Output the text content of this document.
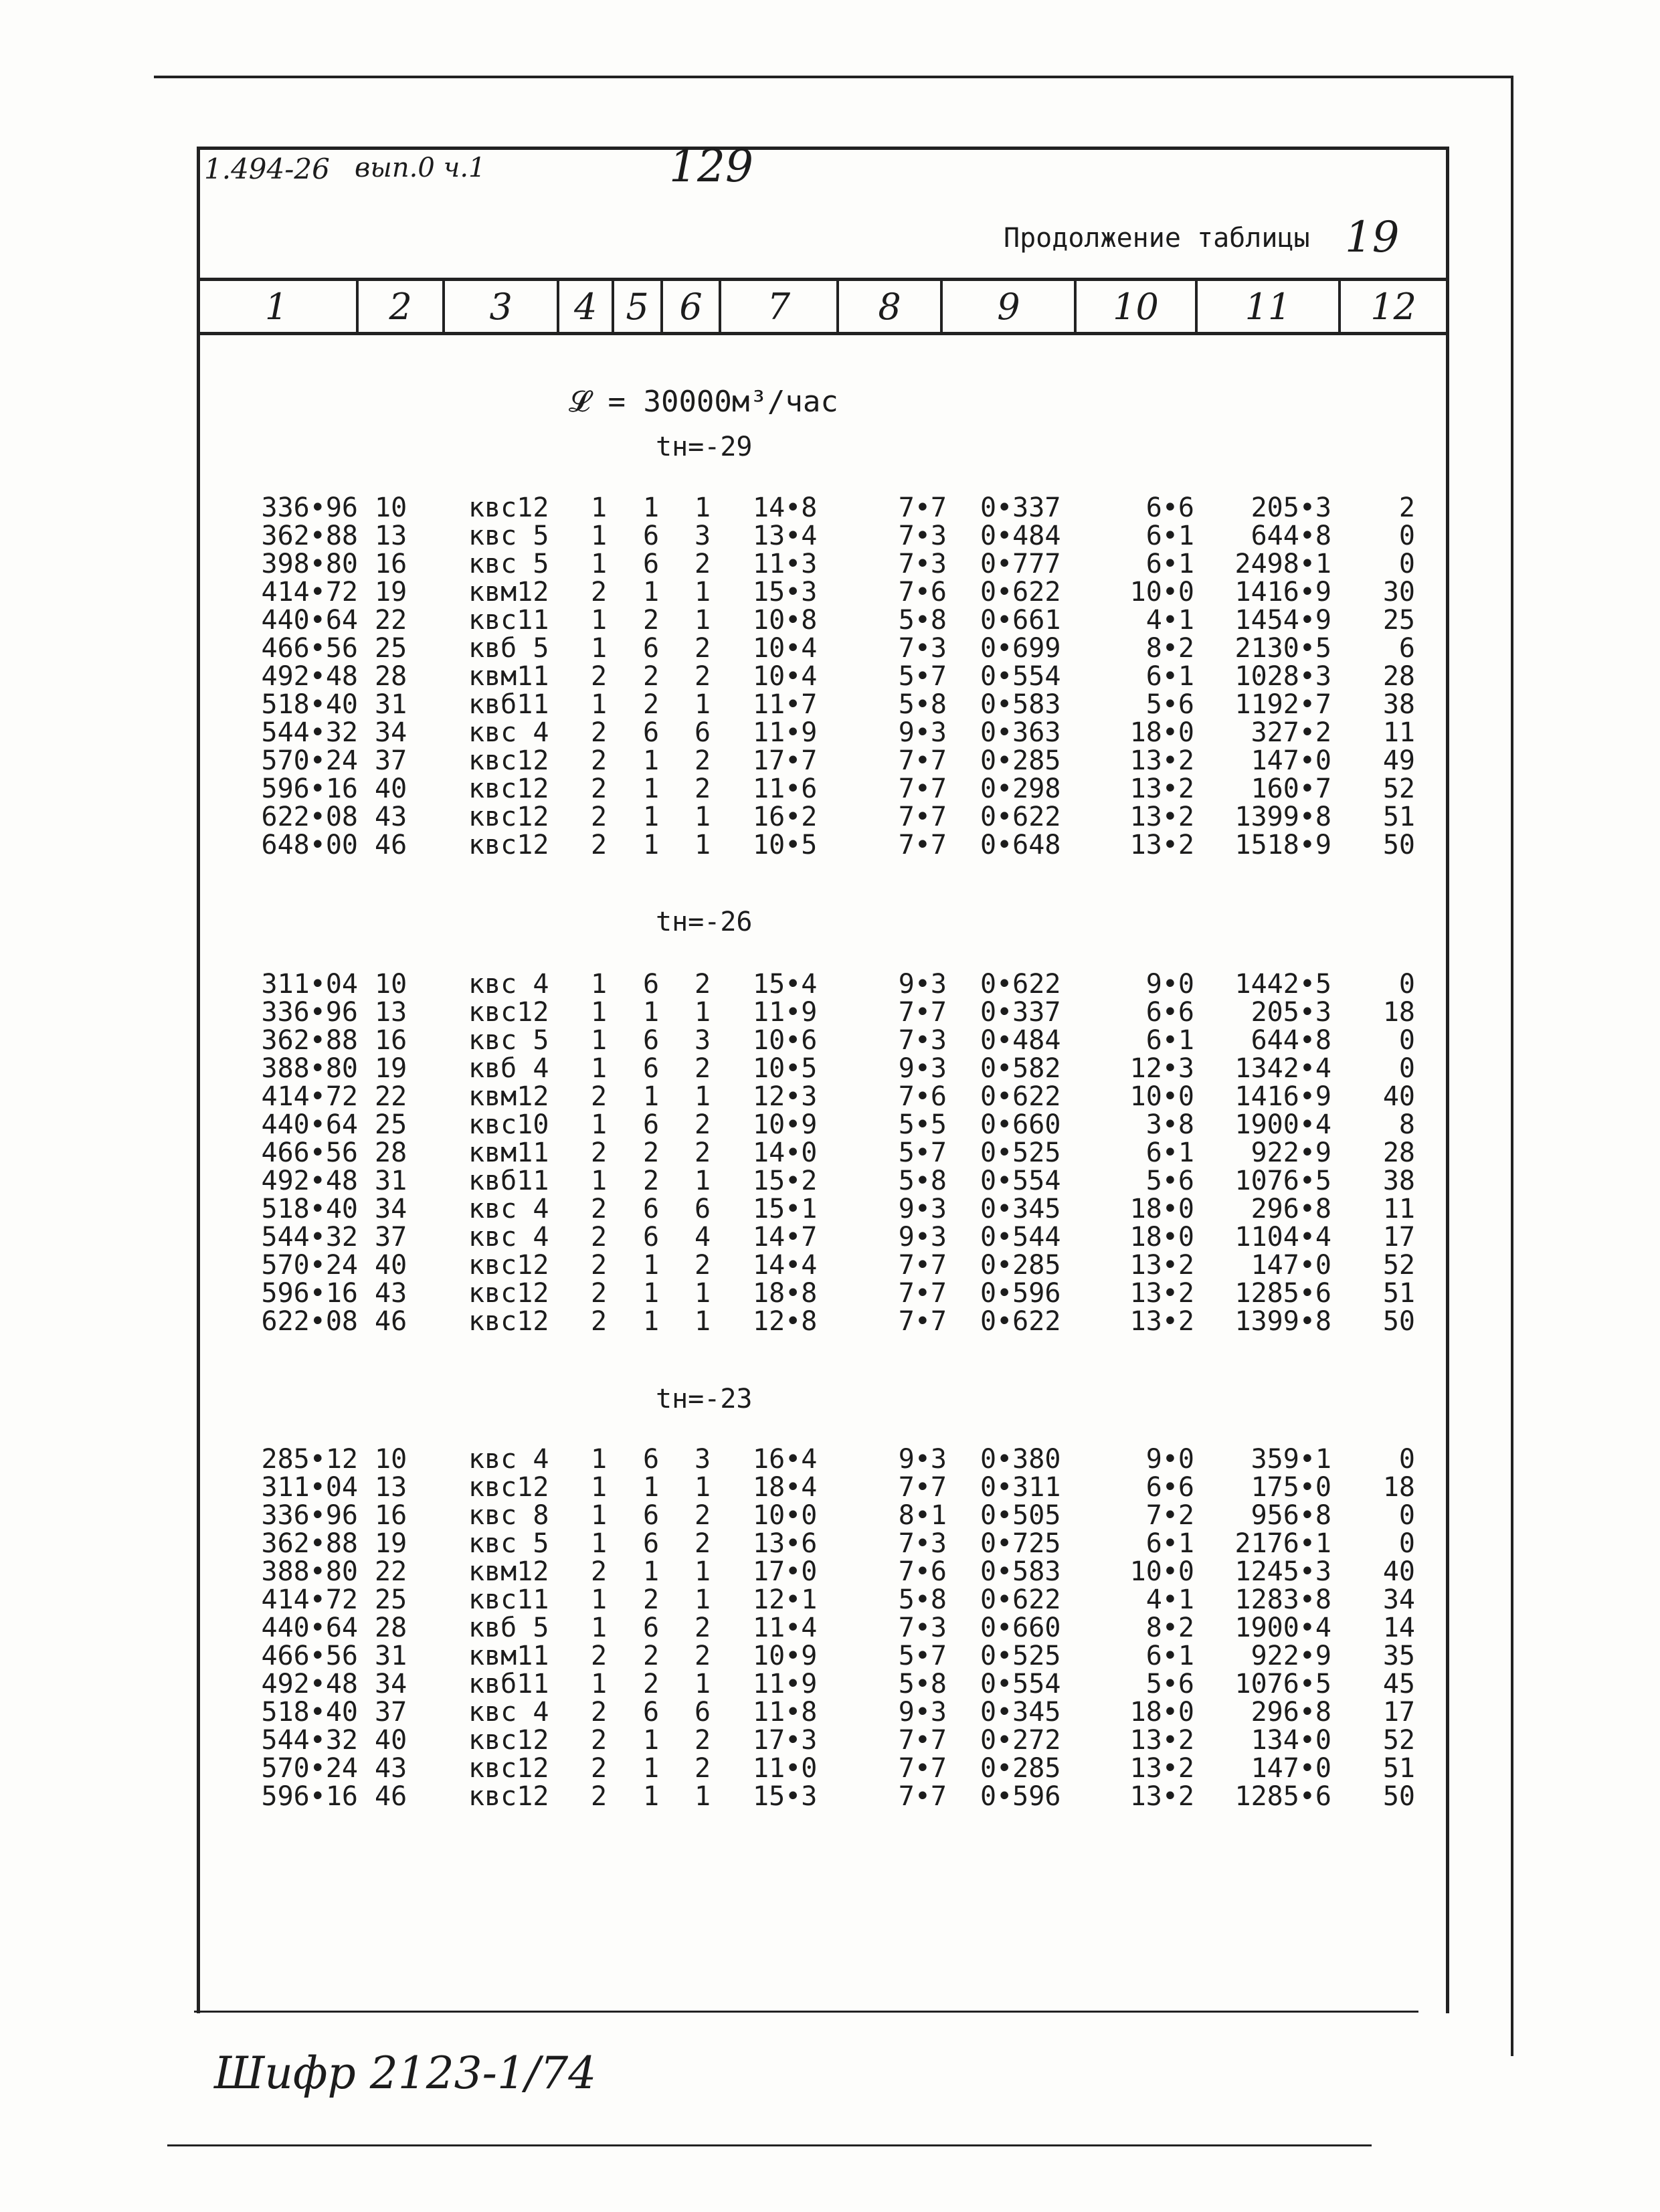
1.494-26 вып.0 ч.1	129
Продолжение таблицы 19
1	2	3	4 5 6	7	8	9	10	11	12
𝓛 = 30000м³/час
tн=-29
336•96 10	квс12	1 1 1 14•8	7•7 0•337	6•6	205•3	2
362•88 13	квс 5	1 6 3 13•4	7•3 0•484	6•1	644•8	0
398•80 16	квс 5	1 6 2 11•3	7•3 0•777	6•1	2498•1	0
414•72 19	квм12	2 1 1 15•3	7•6 0•622	10•0	1416•9	30
440•64 22	квс11	1 2 1 10•8	5•8 0•661	4•1	1454•9	25
466•56 25	квб 5	1 6 2 10•4	7•3 0•699	8•2	2130•5	6
492•48 28	квм11	2 2 2 10•4	5•7 0•554	6•1	1028•3	28
518•40 31	квб11	1 2 1 11•7	5•8 0•583	5•6	1192•7	38
544•32 34	квс 4	2 6 6 11•9	9•3 0•363	18•0	327•2	11
570•24 37	квс12	2 1 2 17•7	7•7 0•285	13•2	147•0	49
596•16 40	квс12	2 1 2 11•6	7•7 0•298	13•2	160•7	52
622•08 43	квс12	2 1 1 16•2	7•7 0•622	13•2	1399•8	51
648•00 46	квс12	2 1 1 10•5	7•7 0•648	13•2	1518•9	50
tн=-26
311•04 10	квс 4	1 6 2 15•4	9•3 0•622	9•0	1442•5	0
336•96 13	квс12	1 1 1 11•9	7•7 0•337	6•6	205•3	18
362•88 16	квс 5	1 6 3 10•6	7•3 0•484	6•1	644•8	0
388•80 19	квб 4	1 6 2 10•5	9•3 0•582	12•3	1342•4	0
414•72 22	квм12	2 1 1 12•3	7•6 0•622	10•0	1416•9	40
440•64 25	квс10	1 6 2 10•9	5•5 0•660	3•8	1900•4	8
466•56 28	квм11	2 2 2 14•0	5•7 0•525	6•1	922•9	28
492•48 31	квб11	1 2 1 15•2	5•8 0•554	5•6	1076•5	38
518•40 34	квс 4	2 6 6 15•1	9•3 0•345	18•0	296•8	11
544•32 37	квс 4	2 6 4 14•7	9•3 0•544	18•0	1104•4	17
570•24 40	квс12	2 1 2 14•4	7•7 0•285	13•2	147•0	52
596•16 43	квс12	2 1 1 18•8	7•7 0•596	13•2	1285•6	51
622•08 46	квс12	2 1 1 12•8	7•7 0•622	13•2	1399•8	50
tн=-23
285•12 10	квс 4	1 6 3 16•4	9•3 0•380	9•0	359•1	0
311•04 13	квс12	1 1 1 18•4	7•7 0•311	6•6	175•0	18
336•96 16	квс 8	1 6 2 10•0	8•1 0•505	7•2	956•8	0
362•88 19	квс 5	1 6 2 13•6	7•3 0•725	6•1	2176•1	0
388•80 22	квм12	2 1 1 17•0	7•6 0•583	10•0	1245•3	40
414•72 25	квс11	1 2 1 12•1	5•8 0•622	4•1	1283•8	34
440•64 28	квб 5	1 6 2 11•4	7•3 0•660	8•2	1900•4	14
466•56 31	квм11	2 2 2 10•9	5•7 0•525	6•1	922•9	35
492•48 34	квб11	1 2 1 11•9	5•8 0•554	5•6	1076•5	45
518•40 37	квс 4	2 6 6 11•8	9•3 0•345	18•0	296•8	17
544•32 40	квс12	2 1 2 17•3	7•7 0•272	13•2	134•0	52
570•24 43	квс12	2 1 2 11•0	7•7 0•285	13•2	147•0	51
596•16 46	квс12	2 1 1 15•3	7•7 0•596	13•2	1285•6	50
Шифр 2123-1/74
